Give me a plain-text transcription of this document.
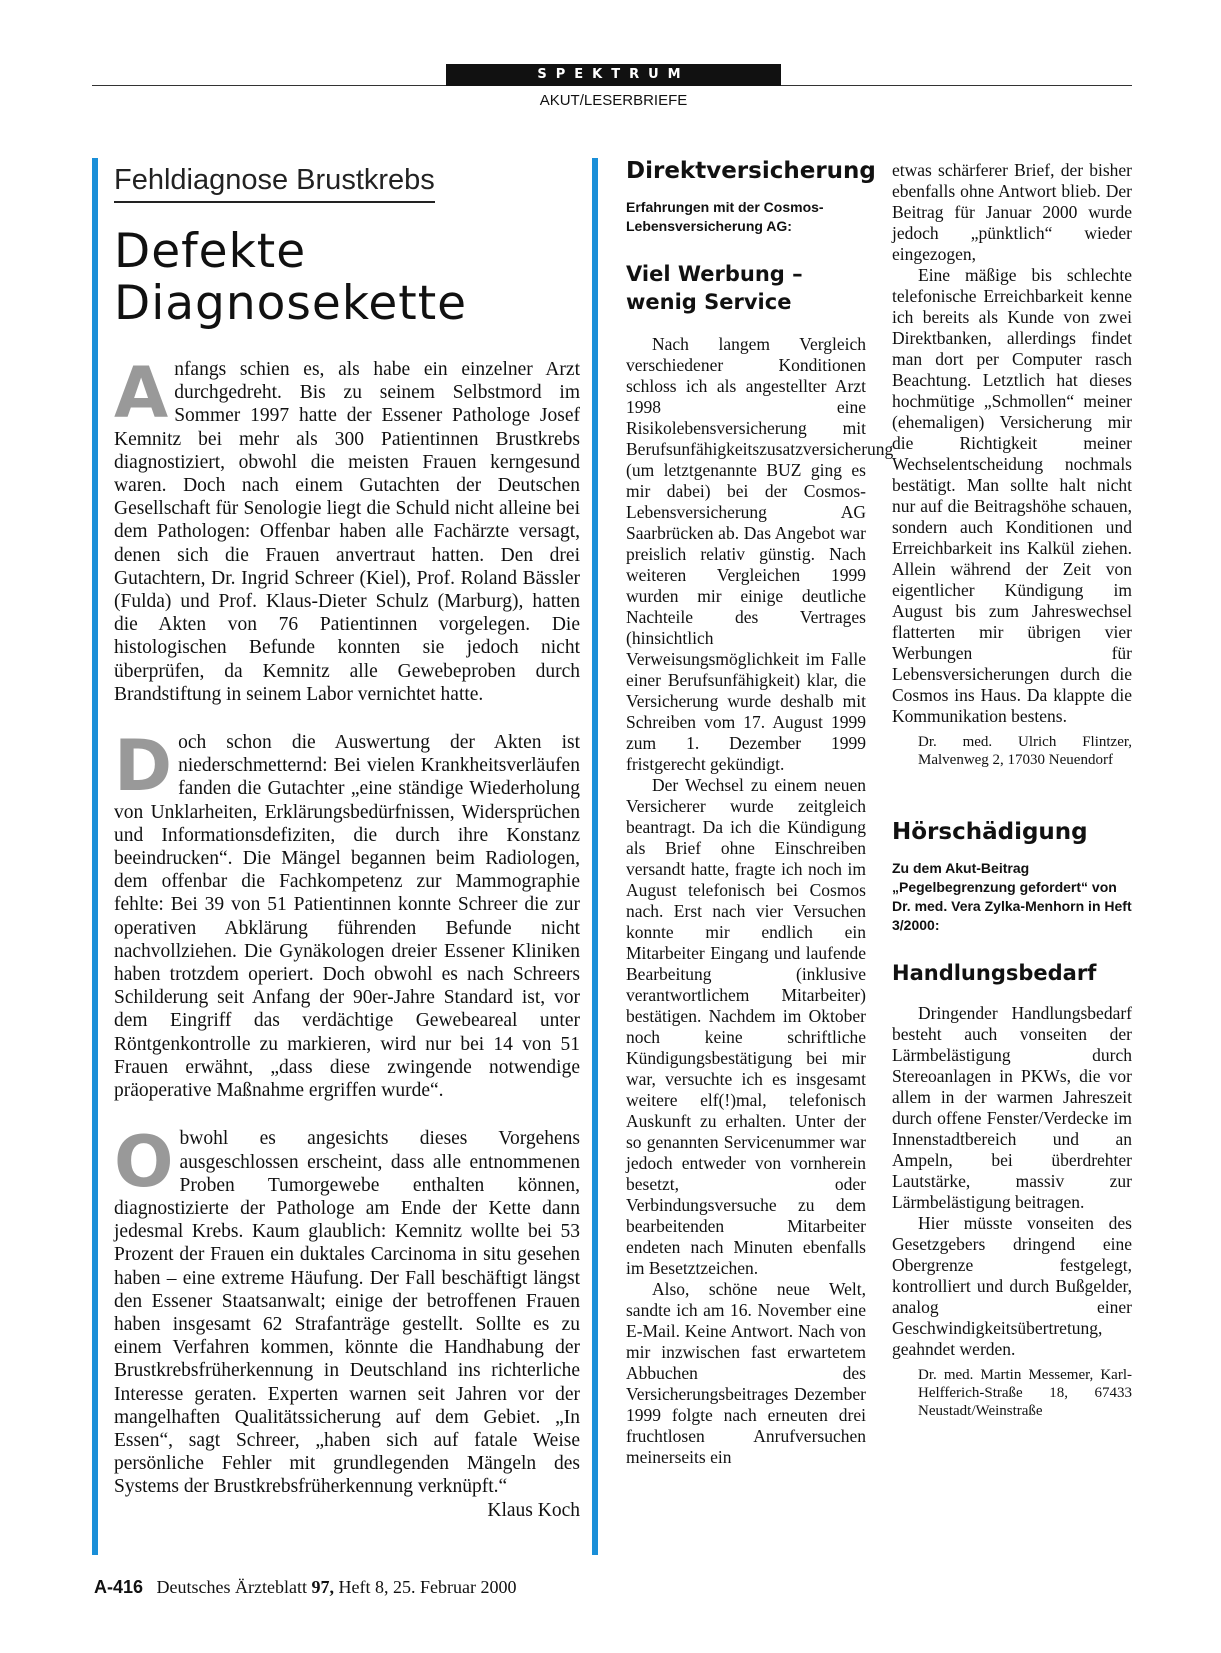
SPEKTRUM
AKUT/LESERBRIEFE
Fehldiagnose Brustkrebs
Defekte
Diagnosekette

Anfangs schien es, als habe ein einzelner Arzt durchgedreht. Bis zu seinem Selbstmord im Sommer 1997 hatte der Essener Pathologe Josef Kemnitz bei mehr als 300 Patientinnen Brustkrebs diagnostiziert, obwohl die meisten Frauen kerngesund waren. Doch nach einem Gutachten der Deutschen Gesellschaft für Senologie liegt die Schuld nicht alleine bei dem Pathologen: Offenbar haben alle Fachärzte versagt, denen sich die Frauen anvertraut hatten. Den drei Gutachtern, Dr. Ingrid Schreer (Kiel), Prof. Roland Bässler (Fulda) und Prof. Klaus-Dieter Schulz (Marburg), hatten die Akten von 76 Patientinnen vorgelegen. Die histologischen Befunde konnten sie jedoch nicht überprüfen, da Kemnitz alle Gewebeproben durch Brandstiftung in seinem Labor vernichtet hatte.

Doch schon die Auswertung der Akten ist niederschmetternd: Bei vielen Krankheitsverläufen fanden die Gutachter „eine ständige Wiederholung von Unklarheiten, Erklärungsbedürfnissen, Widersprüchen und Informationsdefiziten, die durch ihre Konstanz beeindrucken“. Die Mängel begannen beim Radiologen, dem offenbar die Fachkompetenz zur Mammographie fehlte: Bei 39 von 51 Patientinnen konnte Schreer die zur operativen Abklärung führenden Befunde nicht nachvollziehen. Die Gynäkologen dreier Essener Kliniken haben trotzdem operiert. Doch obwohl es nach Schreers Schilderung seit Anfang der 90er-Jahre Standard ist, vor dem Eingriff das verdächtige Gewebeareal unter Röntgenkontrolle zu markieren, wird nur bei 14 von 51 Frauen erwähnt, „dass diese zwingende notwendige präoperative Maßnahme ergriffen wurde“.

Obwohl es angesichts dieses Vorgehens ausgeschlossen erscheint, dass alle entnommenen Proben Tumorgewebe enthalten können, diagnostizierte der Pathologe am Ende der Kette dann jedesmal Krebs. Kaum glaublich: Kemnitz wollte bei 53 Prozent der Frauen ein duktales Carcinoma in situ gesehen haben – eine extreme Häufung. Der Fall beschäftigt längst den Essener Staatsanwalt; einige der betroffenen Frauen haben insgesamt 62 Strafanträge gestellt. Sollte es zu einem Verfahren kommen, könnte die Handhabung der Brustkrebsfrüherkennung in Deutschland ins richterliche Interesse geraten. Experten warnen seit Jahren vor der mangelhaften Qualitätssicherung auf dem Gebiet. „In Essen“, sagt Schreer, „haben sich auf fatale Weise persönliche Fehler mit grundlegenden Mängeln des Systems der Brustkrebsfrüherkennung verknüpft.“
Klaus Koch

Direktversicherung

Erfahrungen mit der Cosmos-Lebensversicherung AG:

Viel Werbung –
wenig Service

Nach langem Vergleich verschiedener Konditionen schloss ich als angestellter Arzt 1998 eine Risikolebensversicherung mit Berufsunfähigkeitszusatzversicherung (um letztgenannte BUZ ging es mir dabei) bei der Cosmos-Lebensversicherung AG Saarbrücken ab. Das Angebot war preislich relativ günstig. Nach weiteren Vergleichen 1999 wurden mir einige deutliche Nachteile des Vertrages (hinsichtlich Verweisungsmöglichkeit im Falle einer Berufsunfähigkeit) klar, die Versicherung wurde deshalb mit Schreiben vom 17. August 1999 zum 1. Dezember 1999 fristgerecht gekündigt.

Der Wechsel zu einem neuen Versicherer wurde zeitgleich beantragt. Da ich die Kündigung als Brief ohne Einschreiben versandt hatte, fragte ich noch im August telefonisch bei Cosmos nach. Erst nach vier Versuchen konnte mir endlich ein Mitarbeiter Eingang und laufende Bearbeitung (inklusive verantwortlichem Mitarbeiter) bestätigen. Nachdem im Oktober noch keine schriftliche Kündigungsbestätigung bei mir war, versuchte ich es insgesamt weitere elf(!)mal, telefonisch Auskunft zu erhalten. Unter der so genannten Servicenummer war jedoch entweder von vornherein besetzt, oder Verbindungsversuche zu dem bearbeitenden Mitarbeiter endeten nach Minuten ebenfalls im Besetztzeichen.

Also, schöne neue Welt, sandte ich am 16. November eine E-Mail. Keine Antwort. Nach von mir inzwischen fast erwartetem Abbuchen des Versicherungsbeitrages Dezember 1999 folgte nach erneuten drei fruchtlosen Anrufversuchen meinerseits ein

etwas schärferer Brief, der bisher ebenfalls ohne Antwort blieb. Der Beitrag für Januar 2000 wurde jedoch „pünktlich“ wieder eingezogen,

Eine mäßige bis schlechte telefonische Erreichbarkeit kenne ich bereits als Kunde von zwei Direktbanken, allerdings findet man dort per Computer rasch Beachtung. Letztlich hat dieses hochmütige „Schmollen“ meiner (ehemaligen) Versicherung mir die Richtigkeit meiner Wechselentscheidung nochmals bestätigt. Man sollte halt nicht nur auf die Beitragshöhe schauen, sondern auch Konditionen und Erreichbarkeit ins Kalkül ziehen. Allein während der Zeit von eigentlicher Kündigung im August bis zum Jahreswechsel flatterten mir übrigen vier Werbungen für Lebensversicherungen durch die Cosmos ins Haus. Da klappte die Kommunikation bestens.

Dr. med. Ulrich Flintzer, Malvenweg 2, 17030 Neuendorf
Hörschädigung

Zu dem Akut-Beitrag „Pegelbegrenzung gefordert“ von Dr. med. Vera Zylka-Menhorn in Heft 3/2000:

Handlungsbedarf

Dringender Handlungsbedarf besteht auch vonseiten der Lärmbelästigung durch Stereoanlagen in PKWs, die vor allem in der warmen Jahreszeit durch offene Fenster/Verdecke im Innenstadtbereich und an Ampeln, bei überdrehter Lautstärke, massiv zur Lärmbelästigung beitragen.

Hier müsste vonseiten des Gesetzgebers dringend eine Obergrenze festgelegt, kontrolliert und durch Bußgelder, analog einer Geschwindigkeitsübertretung, geahndet werden.

Dr. med. Martin Messemer, Karl-Helfferich-Straße 18, 67433 Neustadt/Weinstraße
A-416 Deutsches Ärzteblatt 97, Heft 8, 25. Februar 2000
